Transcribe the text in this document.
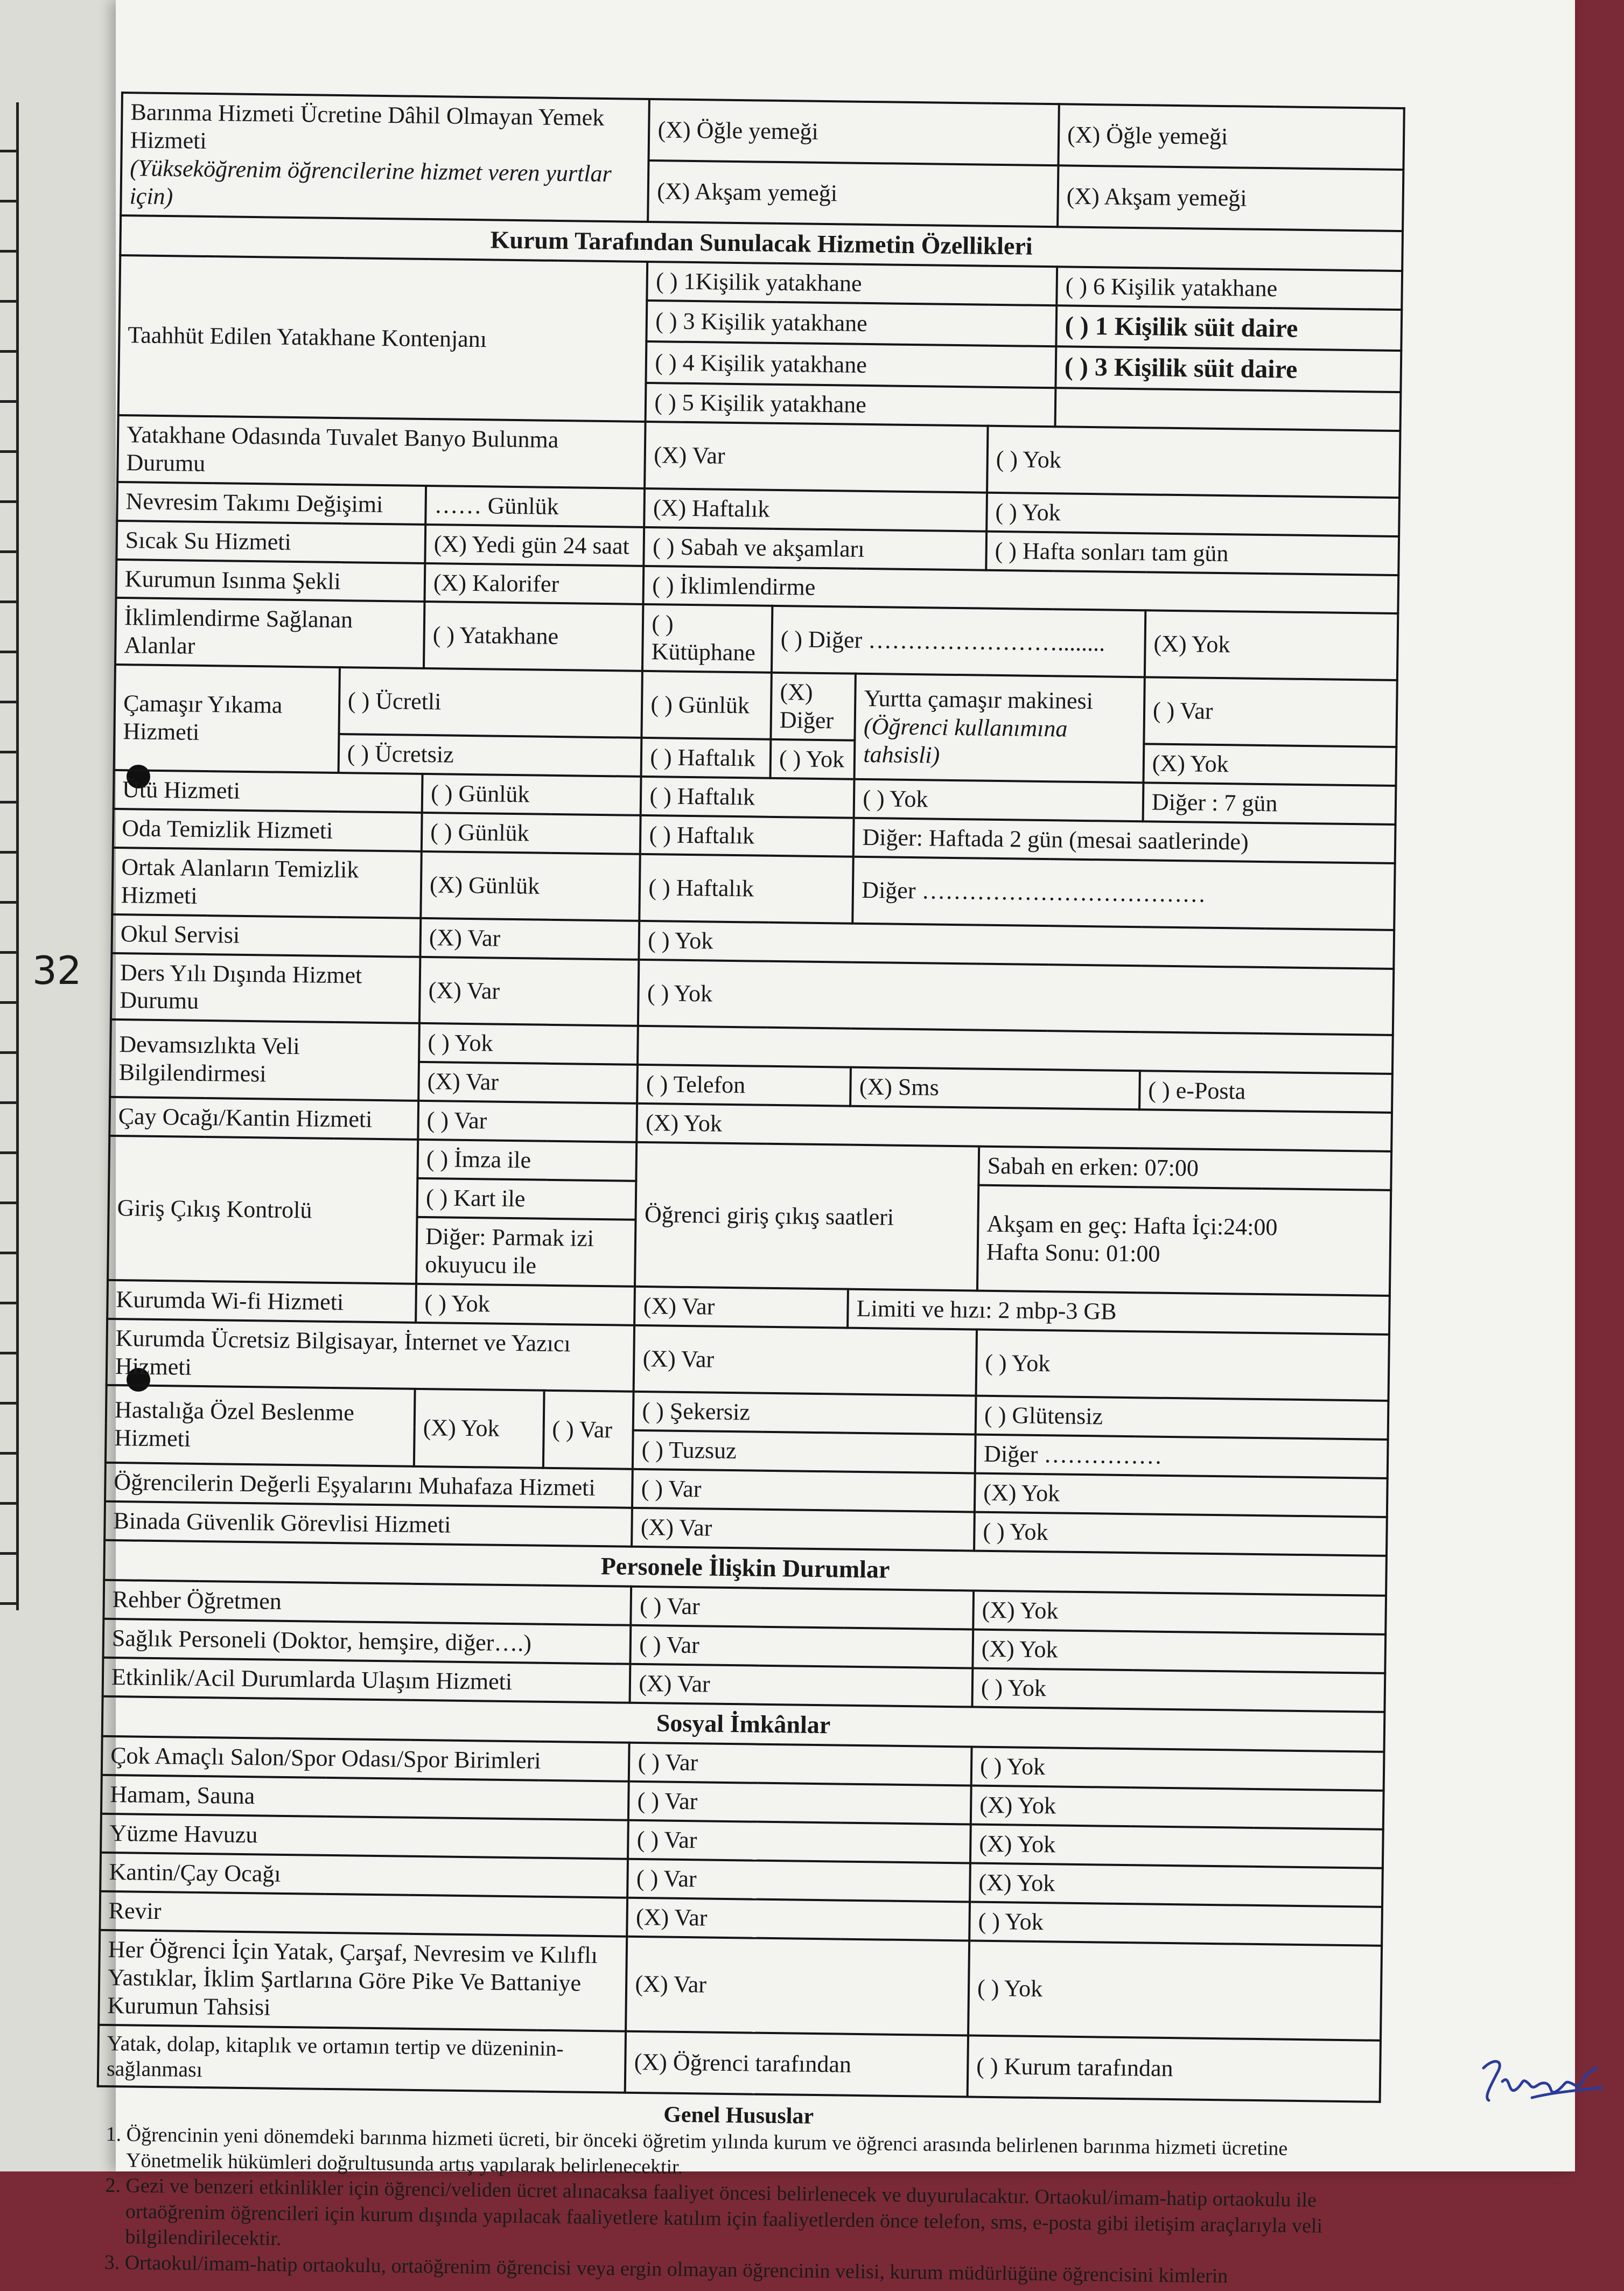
32
Barınma Hizmeti Ücretine Dâhil Olmayan Yemek Hizmeti
(Yükseköğrenim öğrencilerine hizmet veren yurtlar için)				(X) Öğle yemeği				(X) Öğle yemeği	
				(X) Akşam yemeği				(X) Akşam yemeği	
Kurum Tarafından Sunulacak Hizmetin Özellikleri									
Taahhüt Edilen Yatakhane Kontenjanı				( ) 1Kişilik yatakhane				( ) 6 Kişilik yatakhane	
				( ) 3 Kişilik yatakhane				( ) 1 Kişilik süit daire	
				( ) 4 Kişilik yatakhane				( ) 3 Kişilik süit daire	
				( ) 5 Kişilik yatakhane					
Yatakhane Odasında Tuvalet Banyo Bulunma Durumu				(X) Var			( ) Yok		
Nevresim Takımı Değişimi		…… Günlük		(X) Haftalık			( ) Yok		
Sıcak Su Hizmeti		(X) Yedi gün 24 saat		( ) Sabah ve akşamları			( ) Hafta sonları tam gün		
Kurumun Isınma Şekli		(X) Kalorifer		( ) İklimlendirme					
İklimlendirme Sağlanan Alanlar		( ) Yatakhane		( ) Kütüphane	( ) Diğer ……………………........				(X) Yok
Çamaşır Yıkama Hizmeti	( ) Ücretli			( ) Günlük	(X) Diğer	Yurtta çamaşır makinesi
(Öğrenci kullanımına tahsisli)			( ) Var
	( ) Ücretsiz			( ) Haftalık	( ) Yok				(X) Yok
Ütü Hizmeti		( ) Günlük		( ) Haftalık		( ) Yok			Diğer : 7 gün
Oda Temizlik Hizmeti		( ) Günlük		( ) Haftalık		Diğer: Haftada 2 gün (mesai saatlerinde)			
Ortak Alanların Temizlik Hizmeti		(X) Günlük		( ) Haftalık		Diğer ………………………………			
Okul Servisi		(X) Var		( ) Yok					
Ders Yılı Dışında Hizmet Durumu		(X) Var		( ) Yok					
Devamsızlıkta Veli Bilgilendirmesi		( ) Yok							
		(X) Var		( ) Telefon		(X) Sms			( ) e-Posta
Çay Ocağı/Kantin Hizmeti		( ) Var		(X) Yok					
Giriş Çıkış Kontrolü		( ) İmza ile		Öğrenci giriş çıkış saatleri			Sabah en erken: 07:00		
		( ) Kart ile					Akşam en geç: Hafta İçi:24:00
Hafta Sonu: 01:00		

		Diğer: Parmak izi okuyucu ile							
Kurumda Wi-fi Hizmeti		( ) Yok		(X) Var		Limiti ve hızı: 2 mbp-3 GB			
Kurumda Ücretsiz Bilgisayar, İnternet ve Yazıcı Hizmeti				(X) Var			( ) Yok		
Hastalığa Özel Beslenme Hizmeti		(X) Yok	( ) Var	( ) Şekersiz			( ) Glütensiz		
				( ) Tuzsuz			Diğer ……………		
Öğrencilerin Değerli Eşyalarını Muhafaza Hizmeti				( ) Var			(X) Yok		
Binada Güvenlik Görevlisi Hizmeti				(X) Var			( ) Yok		
Personele İlişkin Durumlar									
Rehber Öğretmen				( ) Var			(X) Yok		
Sağlık Personeli (Doktor, hemşire, diğer….)				( ) Var			(X) Yok		
Etkinlik/Acil Durumlarda Ulaşım Hizmeti				(X) Var			( ) Yok		
Sosyal İmkânlar									
Çok Amaçlı Salon/Spor Odası/Spor Birimleri				( ) Var			( ) Yok		
Hamam, Sauna				( ) Var			(X) Yok		
Yüzme Havuzu				( ) Var			(X) Yok		
Kantin/Çay Ocağı				( ) Var			(X) Yok		
Revir				(X) Var			( ) Yok		
Her Öğrenci İçin Yatak, Çarşaf, Nevresim ve Kılıflı Yastıklar, İklim Şartlarına Göre Pike Ve Battaniye Kurumun Tahsisi				(X) Var			( ) Yok		
Yatak, dolap, kitaplık ve ortamın tertip ve düzeninin-sağlanması				(X) Öğrenci tarafından			( ) Kurum tarafından		
Genel Hususlar
1. Öğrencinin yeni dönemdeki barınma hizmeti ücreti, bir önceki öğretim yılında kurum ve öğrenci arasında belirlenen barınma hizmeti ücretine Yönetmelik hükümleri doğrultusunda artış yapılarak belirlenecektir.
2. Gezi ve benzeri etkinlikler için öğrenci/veliden ücret alınacaksa faaliyet öncesi belirlenecek ve duyurulacaktır. Ortaokul/imam-hatip ortaokulu ile ortaöğrenim öğrencileri için kurum dışında yapılacak faaliyetlere katılım için faaliyetlerden önce telefon, sms, e-posta gibi iletişim araçlarıyla veli bilgilendirilecektir.
3. Ortaokul/imam-hatip ortaokulu, ortaöğrenim öğrencisi veya ergin olmayan öğrencinin velisi, kurum müdürlüğüne öğrencisini kimlerin
